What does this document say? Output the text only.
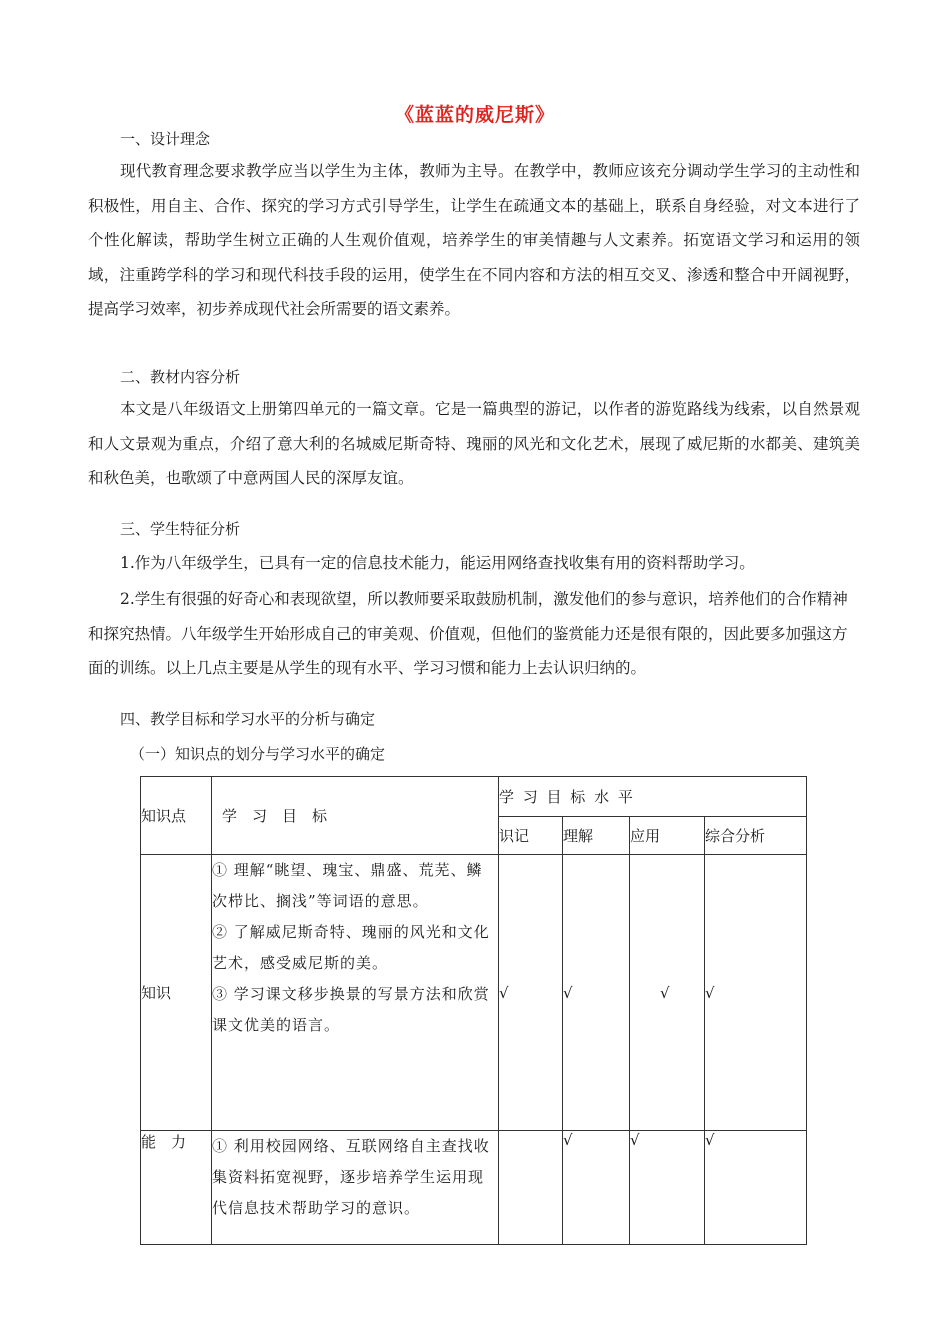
《蓝蓝的威尼斯》
一、设计理念

现代教育理念要求教学应当以学生为主体，教师为主导。在教学中，教师应该充分调动学生学习的主动性和积极性，用自主、合作、探究的学习方式引导学生，让学生在疏通文本的基础上，联系自身经验，对文本进行了个性化解读，帮助学生树立正确的人生观价值观，培养学生的审美情趣与人文素养。拓宽语文学习和运用的领域，注重跨学科的学习和现代科技手段的运用，使学生在不同内容和方法的相互交叉、渗透和整合中开阔视野，提高学习效率，初步养成现代社会所需要的语文素养。

二、教材内容分析

本文是八年级语文上册第四单元的一篇文章。它是一篇典型的游记，以作者的游览路线为线索，以自然景观和人文景观为重点，介绍了意大利的名城威尼斯奇特、瑰丽的风光和文化艺术，展现了威尼斯的水都美、建筑美和秋色美，也歌颂了中意两国人民的深厚友谊。

三、学生特征分析

1.作为八年级学生，已具有一定的信息技术能力，能运用网络查找收集有用的资料帮助学习。

2.学生有很强的好奇心和表现欲望，所以教师要采取鼓励机制，激发他们的参与意识，培养他们的合作精神和探究热情。八年级学生开始形成自己的审美观、价值观，但他们的鉴赏能力还是很有限的，因此要多加强这方面的训练。以上几点主要是从学生的现有水平、学习习惯和能力上去认识归纳的。

四、教学目标和学习水平的分析与确定
（一）知识点的划分与学习水平的确定
知识点	学　习　目　标	学 习 目 标 水 平			
		识记	理解	应用	综合分析
知识	① 理解“眺望、瑰宝、鼎盛、荒芜、鳞次栉比、搁浅”等词语的意思。
② 了解威尼斯奇特、瑰丽的风光和文化艺术，感受威尼斯的美。
③ 学习课文移步换景的写景方法和欣赏课文优美的语言。	√	√	√	√
能　力	① 利用校园网络、互联网络自主查找收集资料拓宽视野，逐步培养学生运用现代信息技术帮助学习的意识。		√	√	√
